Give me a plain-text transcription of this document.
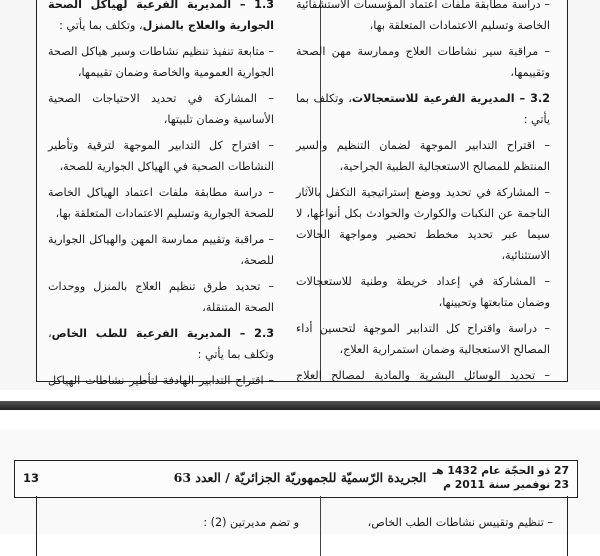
– دراسة مطابقة ملفات اعتماد المؤسسات الاستشفائية الخاصة وتسليم الاعتمادات المتعلقة بها،

– مراقبة سير نشاطات العلاج وممارسة مهن الصحة وتقييمها،

3.2 – المديرية الفرعية للاستعجالات، وتكلف بما يأتي :

– اقتراح التدابير الموجهة لضمان التنظيم والسير المنتظم للمصالح الاستعجالية الطبية الجراحية،

– المشاركة في تحديد ووضع إستراتيجية التكفل بالآثار الناجمة عن النكبات والكوارث والحوادث بكل أنواعها، لا سيما عبر تحديد مخطط تحضير ومواجهة الحالات الاستثنائية،

– المشاركة في إعداد خريطة وطنية للاستعجالات وضمان متابعتها وتحيينها،

– دراسة واقتراح كل التدابير الموجهة لتحسين أداء المصالح الاستعجالية وضمان استمرارية العلاج،

– تحديد الوسائل البشرية والمادية لمصالح العلاج

1.3 – المديرية الفرعية لهياكل الصحة الجوارية والعلاج بالمنزل، وتكلف بما يأتي :

– متابعة تنفيذ تنظيم نشاطات وسير هياكل الصحة الجوارية العمومية والخاصة وضمان تقييمها،

– المشاركة في تحديد الاحتياجات الصحية الأساسية وضمان تلبيتها،

– اقتراح كل التدابير الموجهة لترقية وتأطير النشاطات الصحية في الهياكل الجوارية للصحة،

– دراسة مطابقة ملفات اعتماد الهياكل الخاصة للصحة الجوارية وتسليم الاعتمادات المتعلقة بها،

– مراقبة وتقييم ممارسة المهن والهياكل الجوارية للصحة،

– تحديد طرق تنظيم العلاج بالمنزل ووحدات الصحة المتنقلة،

2.3 – المديرية الفرعية للطب الخاص، وتكلف بما يأتي :

– اقتراح التدابير الهادفة لتأطير نشاطات الهياكل

13	الجريدة الرّسميّة للجمهوريّة الجزائريّة / العدد 63 27 ذو الحجّة عام 1432 هـ
23 نوفمبر سنة 2011 م
– تنظيم وتقييس نشاطات الطب الخاص،
و تضم مديرتين (2) :
